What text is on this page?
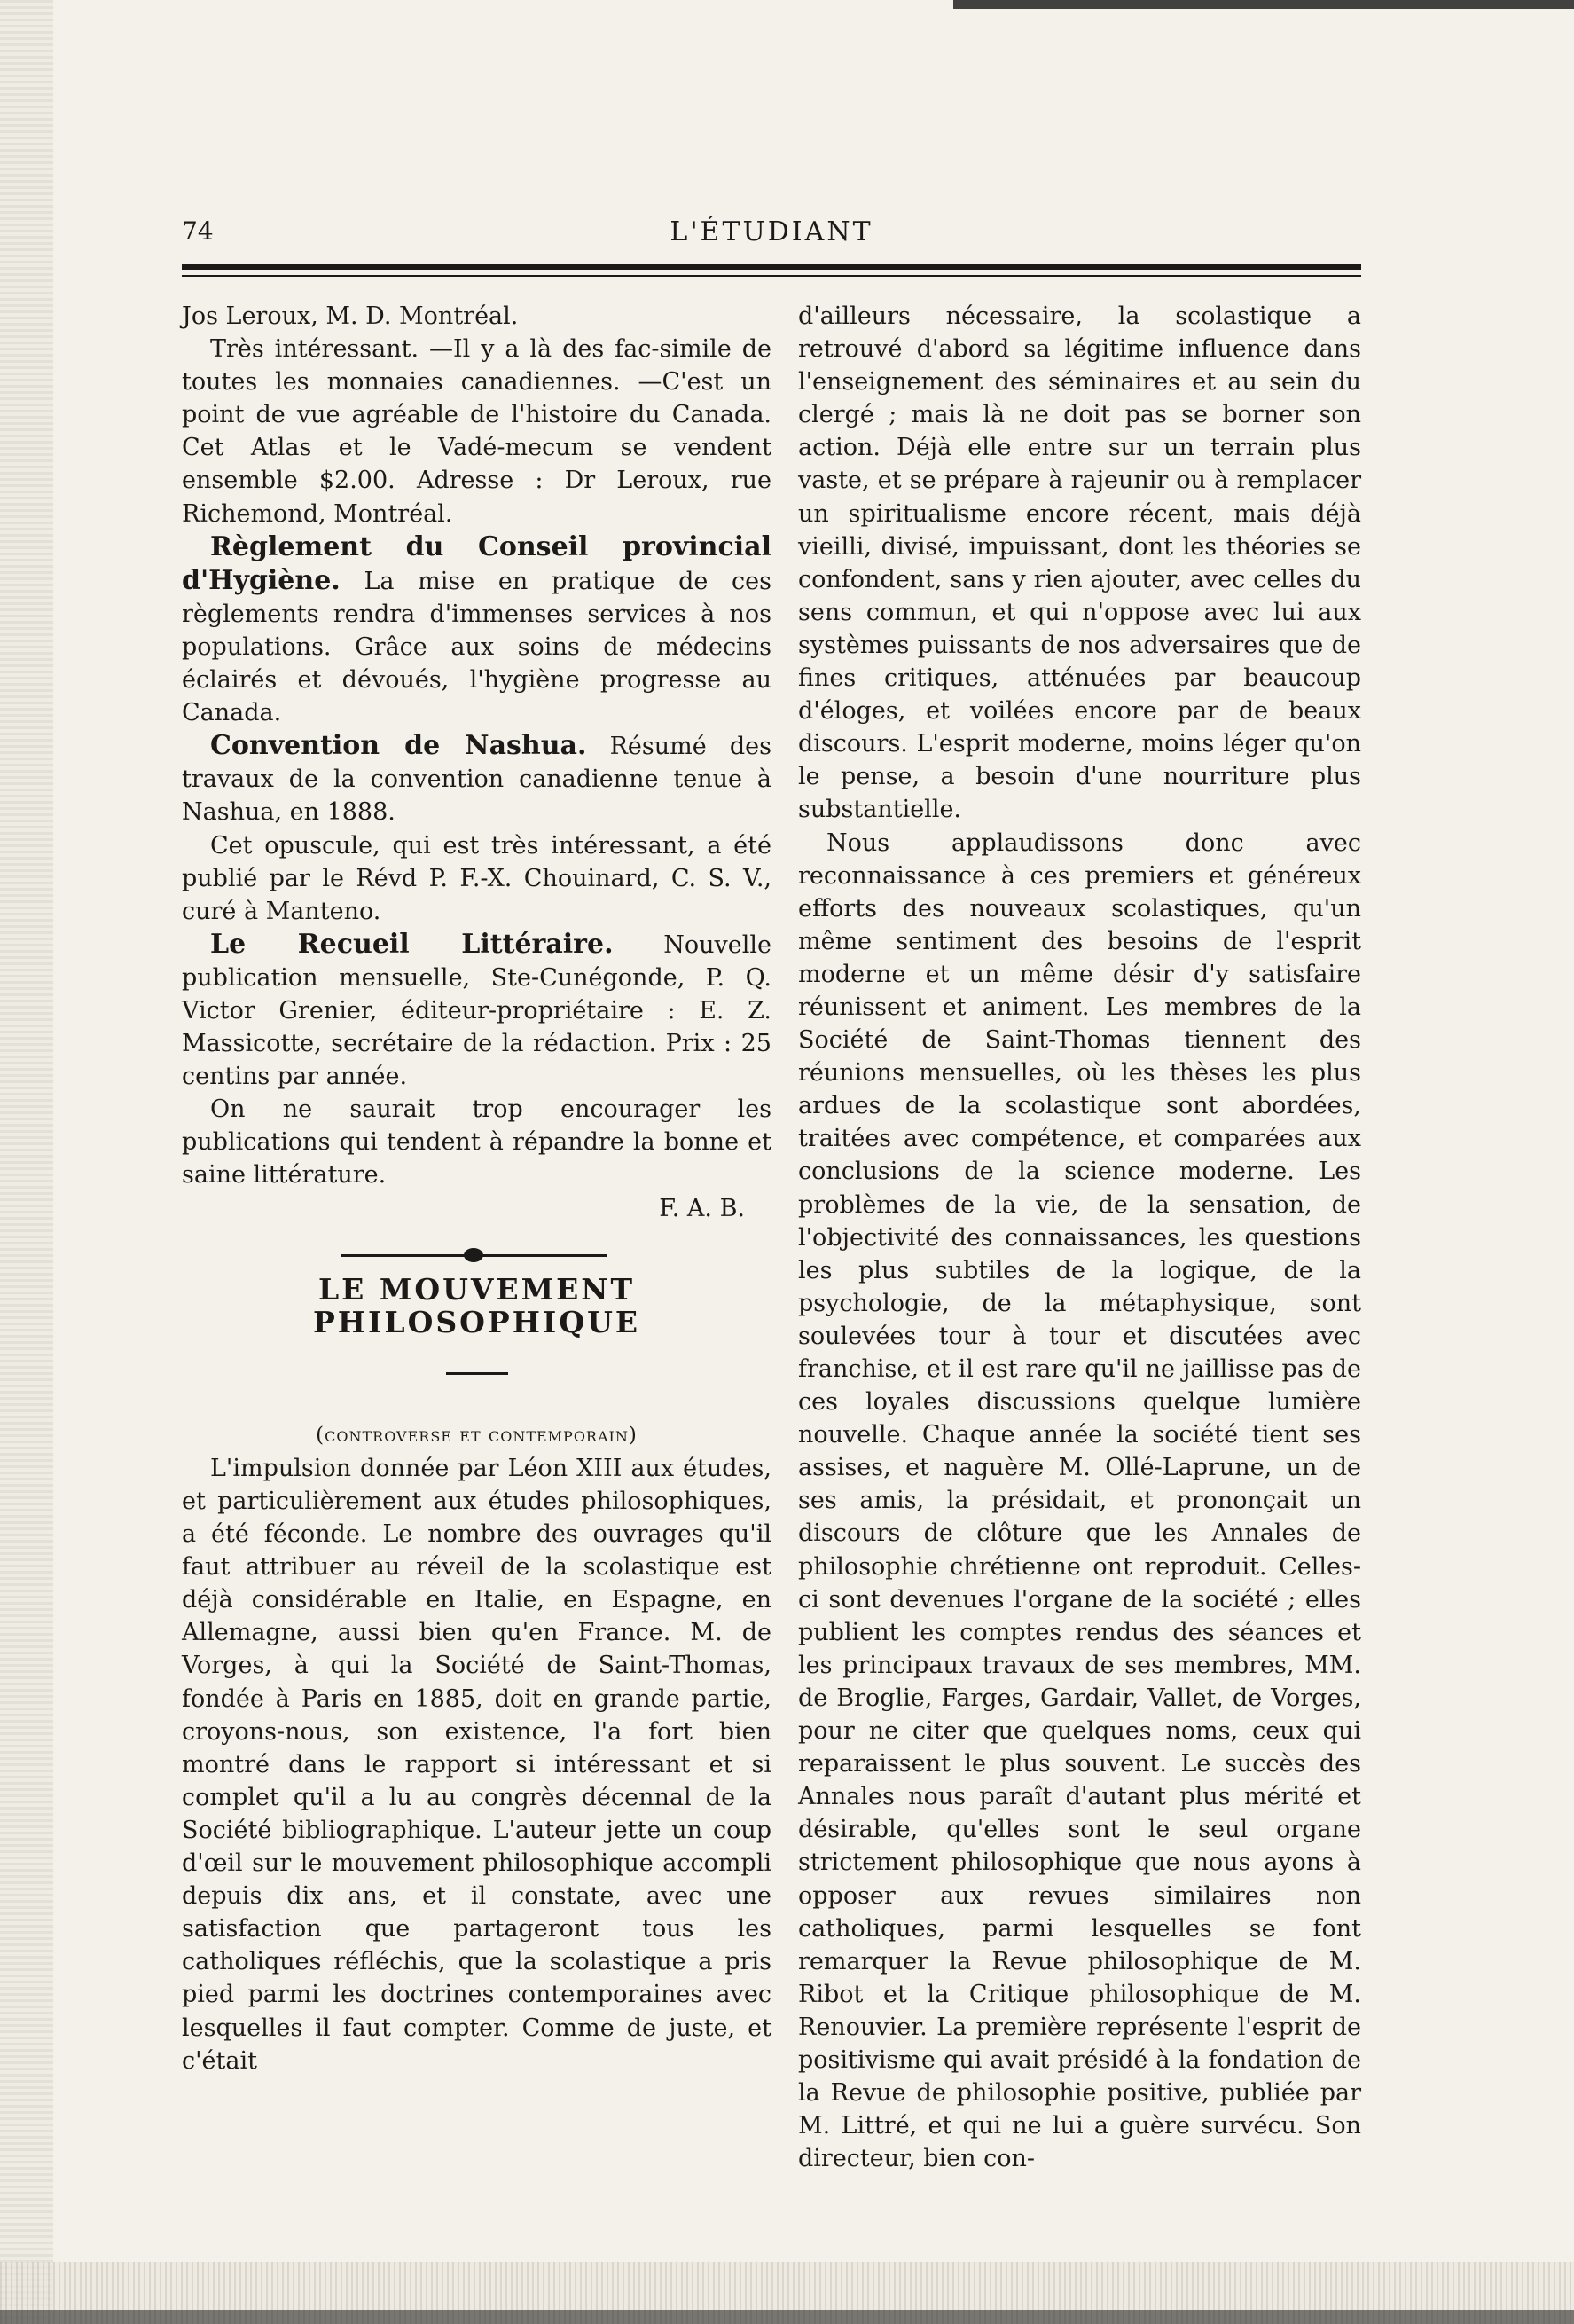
74	L'ÉTUDIANT

Jos Leroux, M. D. Montréal.

Très intéressant. —Il y a là des fac-simile de toutes les monnaies canadiennes. —C'est un point de vue agréable de l'histoire du Canada. Cet Atlas et le Vadé-mecum se vendent ensemble $2.00. Adresse : Dr Leroux, rue Richemond, Montréal.

Règlement du Conseil provincial d'Hygiène. La mise en pratique de ces règlements rendra d'immenses services à nos populations. Grâce aux soins de médecins éclairés et dévoués, l'hygiène progresse au Canada.

Convention de Nashua. Résumé des travaux de la convention canadienne tenue à Nashua, en 1888.

Cet opuscule, qui est très intéressant, a été publié par le Révd P. F.-X. Chouinard, C. S. V., curé à Manteno.

Le Recueil Littéraire. Nouvelle publication mensuelle, Ste-Cunégonde, P. Q. Victor Grenier, éditeur-propriétaire : E. Z. Massicotte, secrétaire de la rédaction. Prix : 25 centins par année.

On ne saurait trop encourager les publications qui tendent à répandre la bonne et saine littérature.

F. A. B.

LE MOUVEMENT PHILOSOPHIQUE

(controverse et contemporain)

L'impulsion donnée par Léon XIII aux études, et particulièrement aux études philosophiques, a été féconde. Le nombre des ouvrages qu'il faut attribuer au réveil de la scolastique est déjà considérable en Italie, en Espagne, en Allemagne, aussi bien qu'en France. M. de Vorges, à qui la Société de Saint-Thomas, fondée à Paris en 1885, doit en grande partie, croyons-nous, son existence, l'a fort bien montré dans le rapport si intéressant et si complet qu'il a lu au congrès décennal de la Société bibliographique. L'auteur jette un coup d'œil sur le mouvement philosophique accompli depuis dix ans, et il constate, avec une satisfaction que partageront tous les catholiques réfléchis, que la scolastique a pris pied parmi les doctrines contemporaines avec lesquelles il faut compter. Comme de juste, et c'était

d'ailleurs nécessaire, la scolastique a retrouvé d'abord sa légitime influence dans l'enseignement des séminaires et au sein du clergé ; mais là ne doit pas se borner son action. Déjà elle entre sur un terrain plus vaste, et se prépare à rajeunir ou à remplacer un spiritualisme encore récent, mais déjà vieilli, divisé, impuissant, dont les théories se confondent, sans y rien ajouter, avec celles du sens commun, et qui n'oppose avec lui aux systèmes puissants de nos adversaires que de fines critiques, atténuées par beaucoup d'éloges, et voilées encore par de beaux discours. L'esprit moderne, moins léger qu'on le pense, a besoin d'une nourriture plus substantielle.

Nous applaudissons donc avec reconnaissance à ces premiers et généreux efforts des nouveaux scolastiques, qu'un même sentiment des besoins de l'esprit moderne et un même désir d'y satisfaire réunissent et animent. Les membres de la Société de Saint-Thomas tiennent des réunions mensuelles, où les thèses les plus ardues de la scolastique sont abordées, traitées avec compétence, et comparées aux conclusions de la science moderne. Les problèmes de la vie, de la sensation, de l'objectivité des connaissances, les questions les plus subtiles de la logique, de la psychologie, de la métaphysique, sont soulevées tour à tour et discutées avec franchise, et il est rare qu'il ne jaillisse pas de ces loyales discussions quelque lumière nouvelle. Chaque année la société tient ses assises, et naguère M. Ollé-Laprune, un de ses amis, la présidait, et prononçait un discours de clôture que les Annales de philosophie chrétienne ont reproduit. Celles-ci sont devenues l'organe de la société ; elles publient les comptes rendus des séances et les principaux travaux de ses membres, MM. de Broglie, Farges, Gardair, Vallet, de Vorges, pour ne citer que quelques noms, ceux qui reparaissent le plus souvent. Le succès des Annales nous paraît d'autant plus mérité et désirable, qu'elles sont le seul organe strictement philosophique que nous ayons à opposer aux revues similaires non catholiques, parmi lesquelles se font remarquer la Revue philosophique de M. Ribot et la Critique philosophique de M. Renouvier. La première représente l'esprit de positivisme qui avait présidé à la fondation de la Revue de philosophie positive, publiée par M. Littré, et qui ne lui a guère survécu. Son directeur, bien con-
